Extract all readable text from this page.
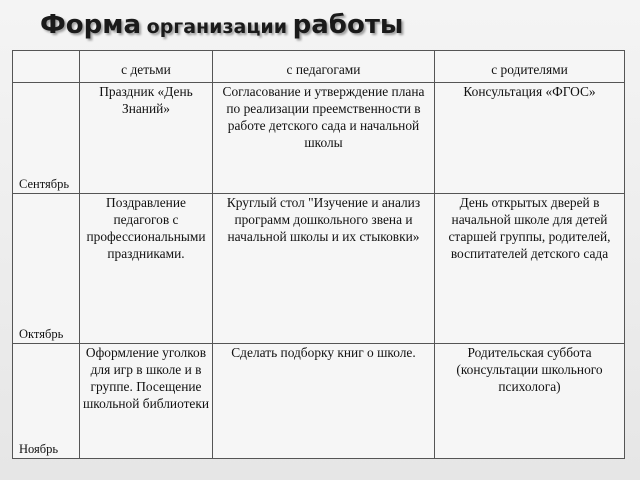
Форма организации работы
	с детьми	с педагогами	с родителями

Сентябрь	Праздник «День Знаний»	Согласование и утверждение плана по реализации преемственности в работе детского сада и начальной школы	Консультация «ФГОС»

Октябрь	Поздравление педагогов с профессиональными праздниками.	Круглый стол "Изучение и анализ программ дошкольного звена и начальной школы и их стыковки»	День открытых дверей в начальной школе для детей старшей группы, родителей, воспитателей детского сада

Ноябрь	Оформление уголков для игр в школе и в группе. Посещение школьной библиотеки	Сделать подборку книг о школе.	Родительская суббота (консультации школьного психолога)
